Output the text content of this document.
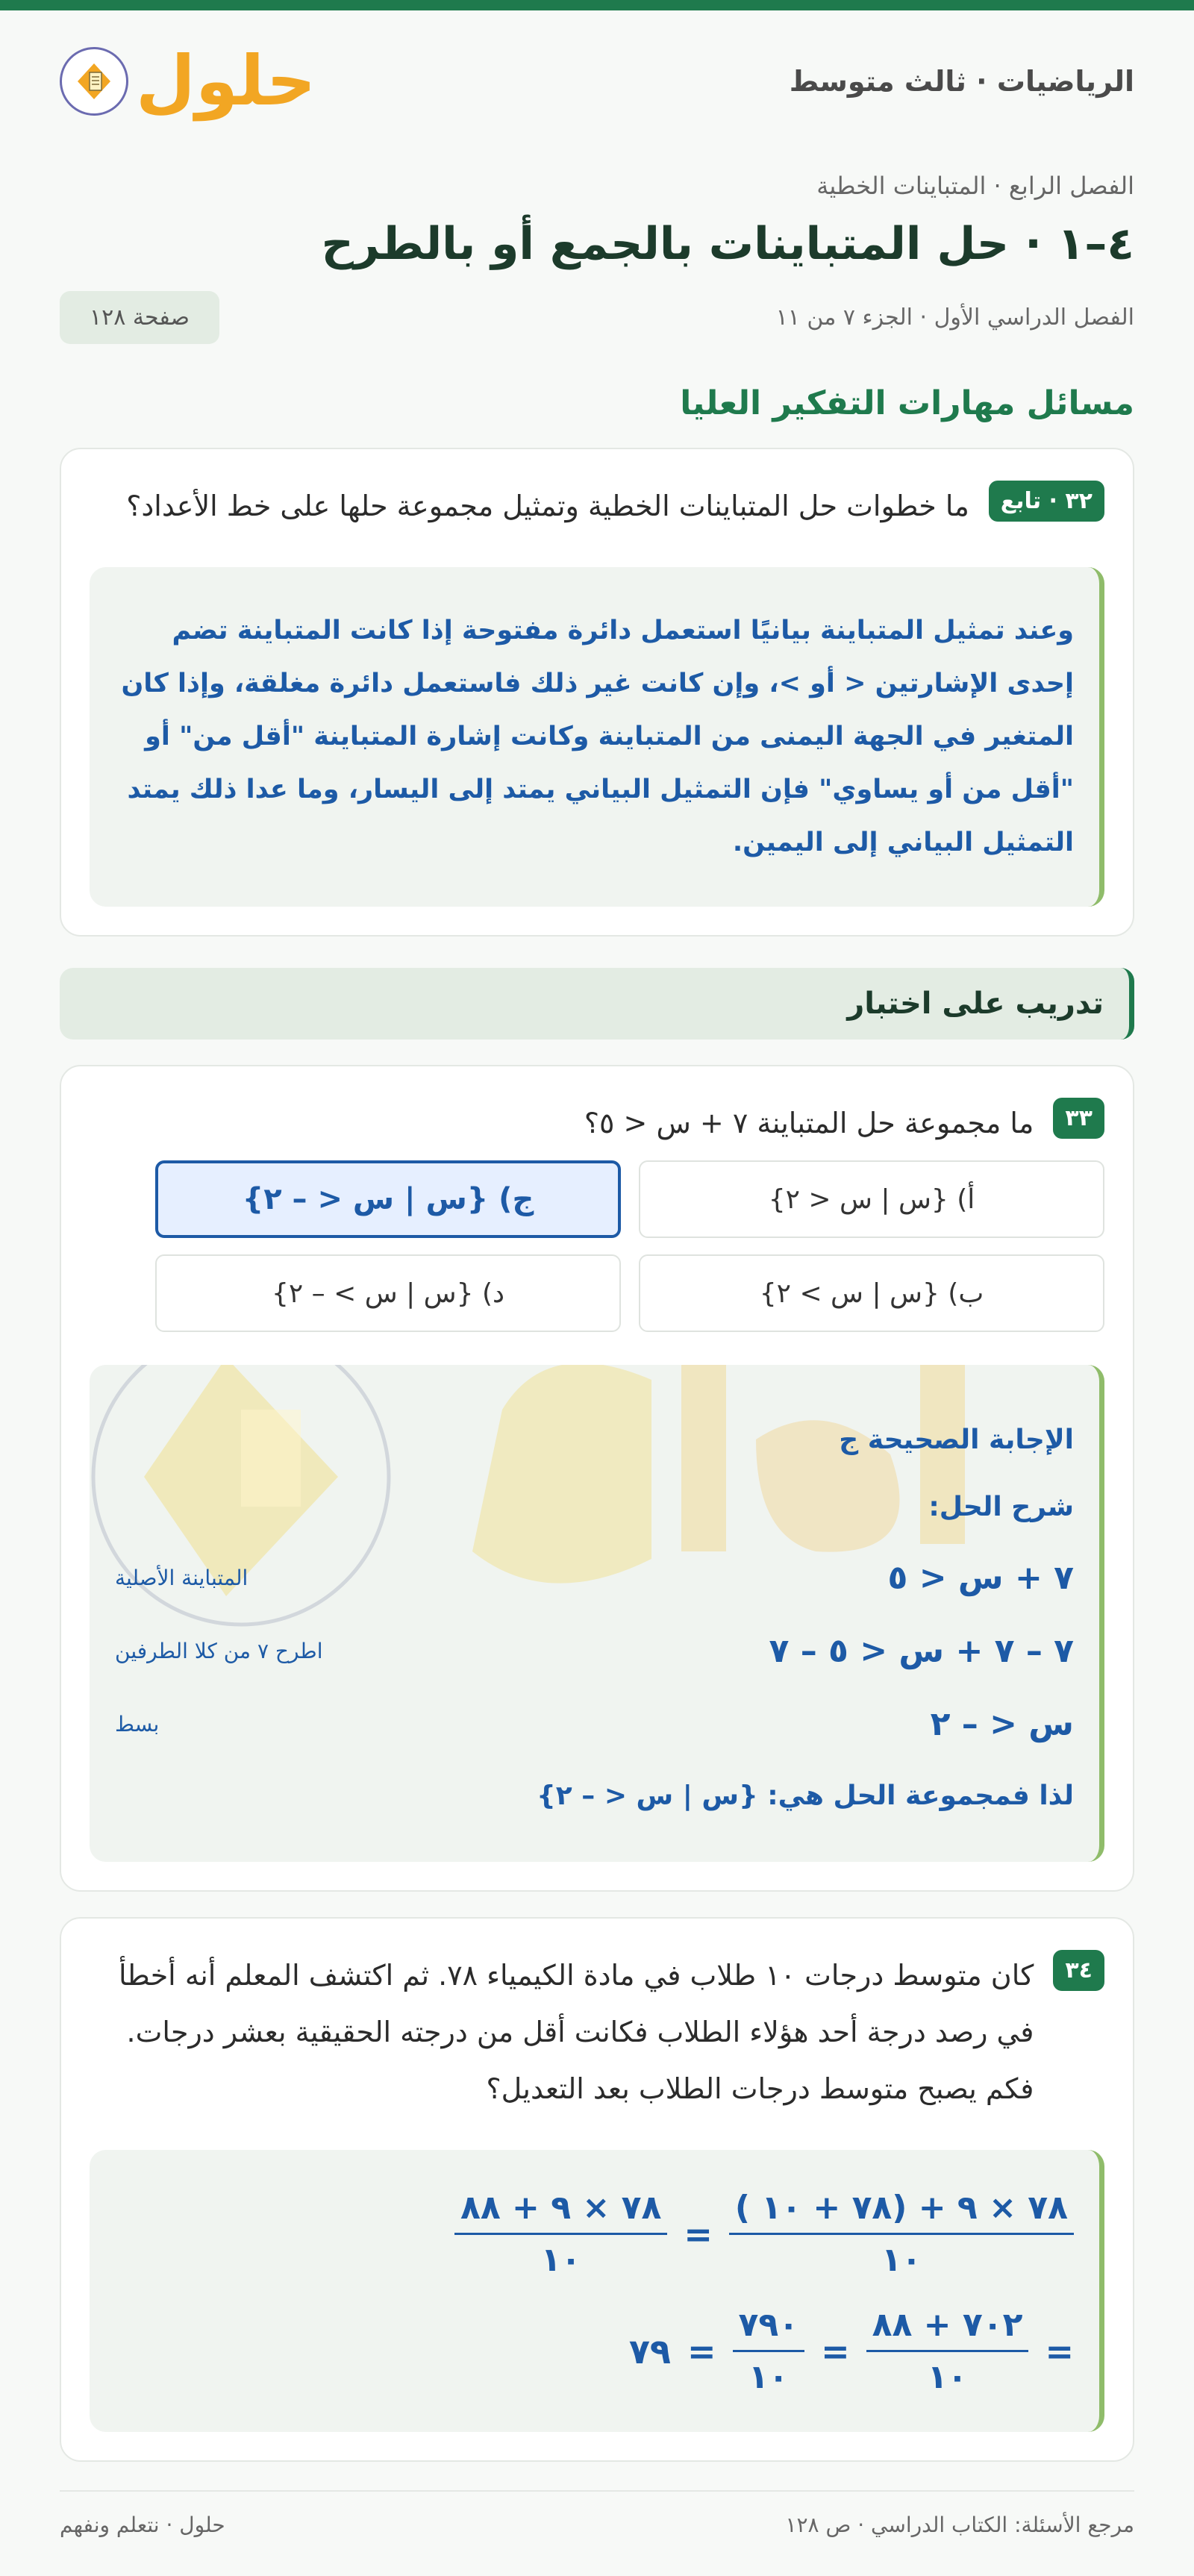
الرياضيات · ثالث متوسط
حلول
الفصل الرابع · المتباينات الخطية
٤–١ · حل المتباينات بالجمع أو بالطرح
الفصل الدراسي الأول · الجزء ٧ من ١١
صفحة ١٢٨
مسائل مهارات التفكير العليا
٣٢ · تابع
ما خطوات حل المتباينات الخطية وتمثيل مجموعة حلها على خط الأعداد؟
وعند تمثيل المتباينة بيانيًا استعمل دائرة مفتوحة إذا كانت المتباينة تضم إحدى الإشارتين < أو >، وإن كانت غير ذلك فاستعمل دائرة مغلقة، وإذا كان المتغير في الجهة اليمنى من المتباينة وكانت إشارة المتباينة "أقل من" أو "أقل من أو يساوي" فإن التمثيل البياني يمتد إلى اليسار، وما عدا ذلك يمتد التمثيل البياني إلى اليمين.
تدريب على اختبار
٣٣
ما مجموعة حل المتباينة ٧ + س < ٥؟
أ) {س | س < ٢}
ج) {س | س < – ٢}
ب) {س | س > ٢}
د) {س | س > – ٢}
الإجابة الصحيحة ج
شرح الحل:
٧ + س < ٥
المتباينة الأصلية
٧ – ٧ + س < ٥ – ٧
اطرح ٧ من كلا الطرفين
س < – ٢
بسط
لذا فمجموعة الحل هي: {س | س < – ٢}
٣٤
كان متوسط درجات ١٠ طلاب في مادة الكيمياء ٧٨. ثم اكتشف المعلم أنه أخطأ في رصد درجة أحد هؤلاء الطلاب فكانت أقل من درجته الحقيقية بعشر درجات. فكم يصبح متوسط درجات الطلاب بعد التعديل؟
$\frac{٧٨ \times ٩ + (٧٨ + ١٠ )}{١٠}$
=
$\frac{٧٨ \times ٩ + ٨٨}{١٠}$
=
$\frac{٧٠٢ + ٨٨}{١٠}$
=
$\frac{٧٩٠}{١٠}$
=
٧٩
مرجع الأسئلة: الكتاب الدراسي · ص ١٢٨
حلول · نتعلم ونفهم
